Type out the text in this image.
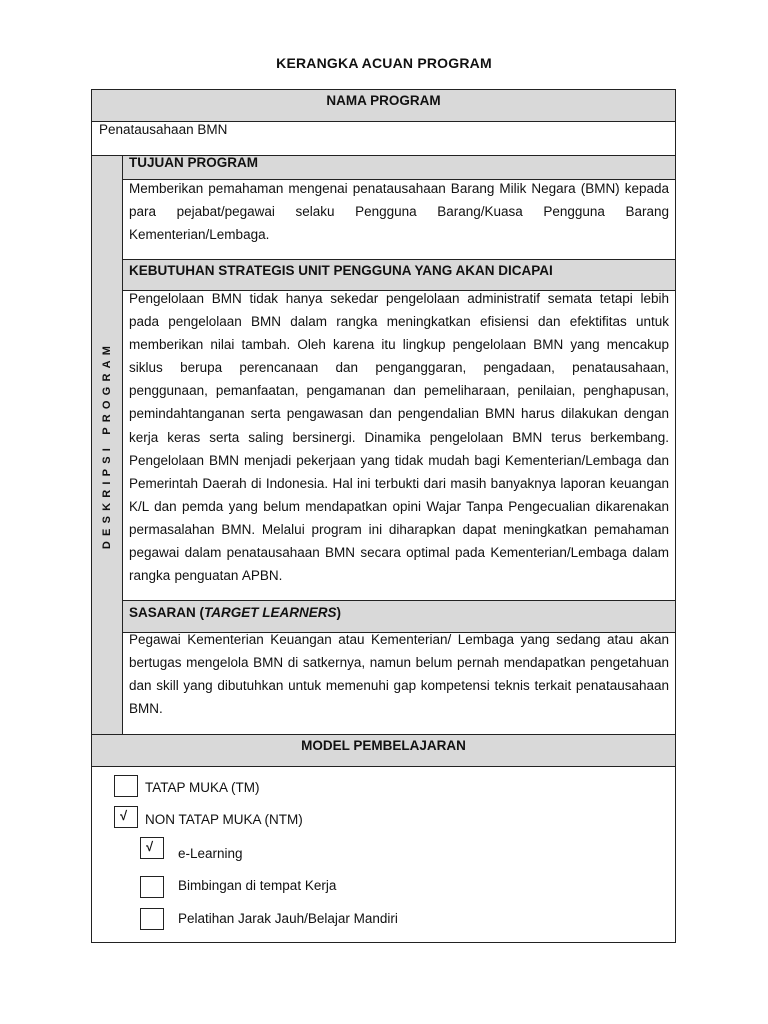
KERANGKA ACUAN PROGRAM
NAMA PROGRAM
Penatausahaan BMN
DESKRIPSI PROGRAM
TUJUAN PROGRAM
Memberikan pemahaman mengenai penatausahaan Barang Milik Negara (BMN) kepada para pejabat/pegawai selaku Pengguna Barang/Kuasa Pengguna Barang Kementerian/Lembaga.
KEBUTUHAN STRATEGIS UNIT PENGGUNA YANG AKAN DICAPAI
Pengelolaan BMN tidak hanya sekedar pengelolaan administratif semata tetapi lebih pada pengelolaan BMN dalam rangka meningkatkan efisiensi dan efektifitas untuk memberikan nilai tambah. Oleh karena itu lingkup pengelolaan BMN yang mencakup siklus berupa perencanaan dan penganggaran, pengadaan, penatausahaan, penggunaan, pemanfaatan, pengamanan dan pemeliharaan, penilaian, penghapusan, pemindahtanganan serta pengawasan dan pengendalian BMN harus dilakukan dengan kerja keras serta saling bersinergi. Dinamika pengelolaan BMN terus berkembang. Pengelolaan BMN menjadi pekerjaan yang tidak mudah bagi Kementerian/Lembaga dan Pemerintah Daerah di Indonesia. Hal ini terbukti dari masih banyaknya laporan keuangan K/L dan pemda yang belum mendapatkan opini Wajar Tanpa Pengecualian dikarenakan permasalahan BMN. Melalui program ini diharapkan dapat meningkatkan pemahaman pegawai dalam penatausahaan BMN secara optimal pada Kementerian/Lembaga dalam rangka penguatan APBN.
SASARAN (TARGET LEARNERS)
Pegawai Kementerian Keuangan atau Kementerian/ Lembaga yang sedang atau akan bertugas mengelola BMN di satkernya, namun belum pernah mendapatkan pengetahuan dan skill yang dibutuhkan untuk memenuhi gap kompetensi teknis terkait penatausahaan BMN.
MODEL PEMBELAJARAN
TATAP MUKA (TM)
√	NON TATAP MUKA (NTM)
√	e-Learning
Bimbingan di tempat Kerja
Pelatihan Jarak Jauh/Belajar Mandiri
